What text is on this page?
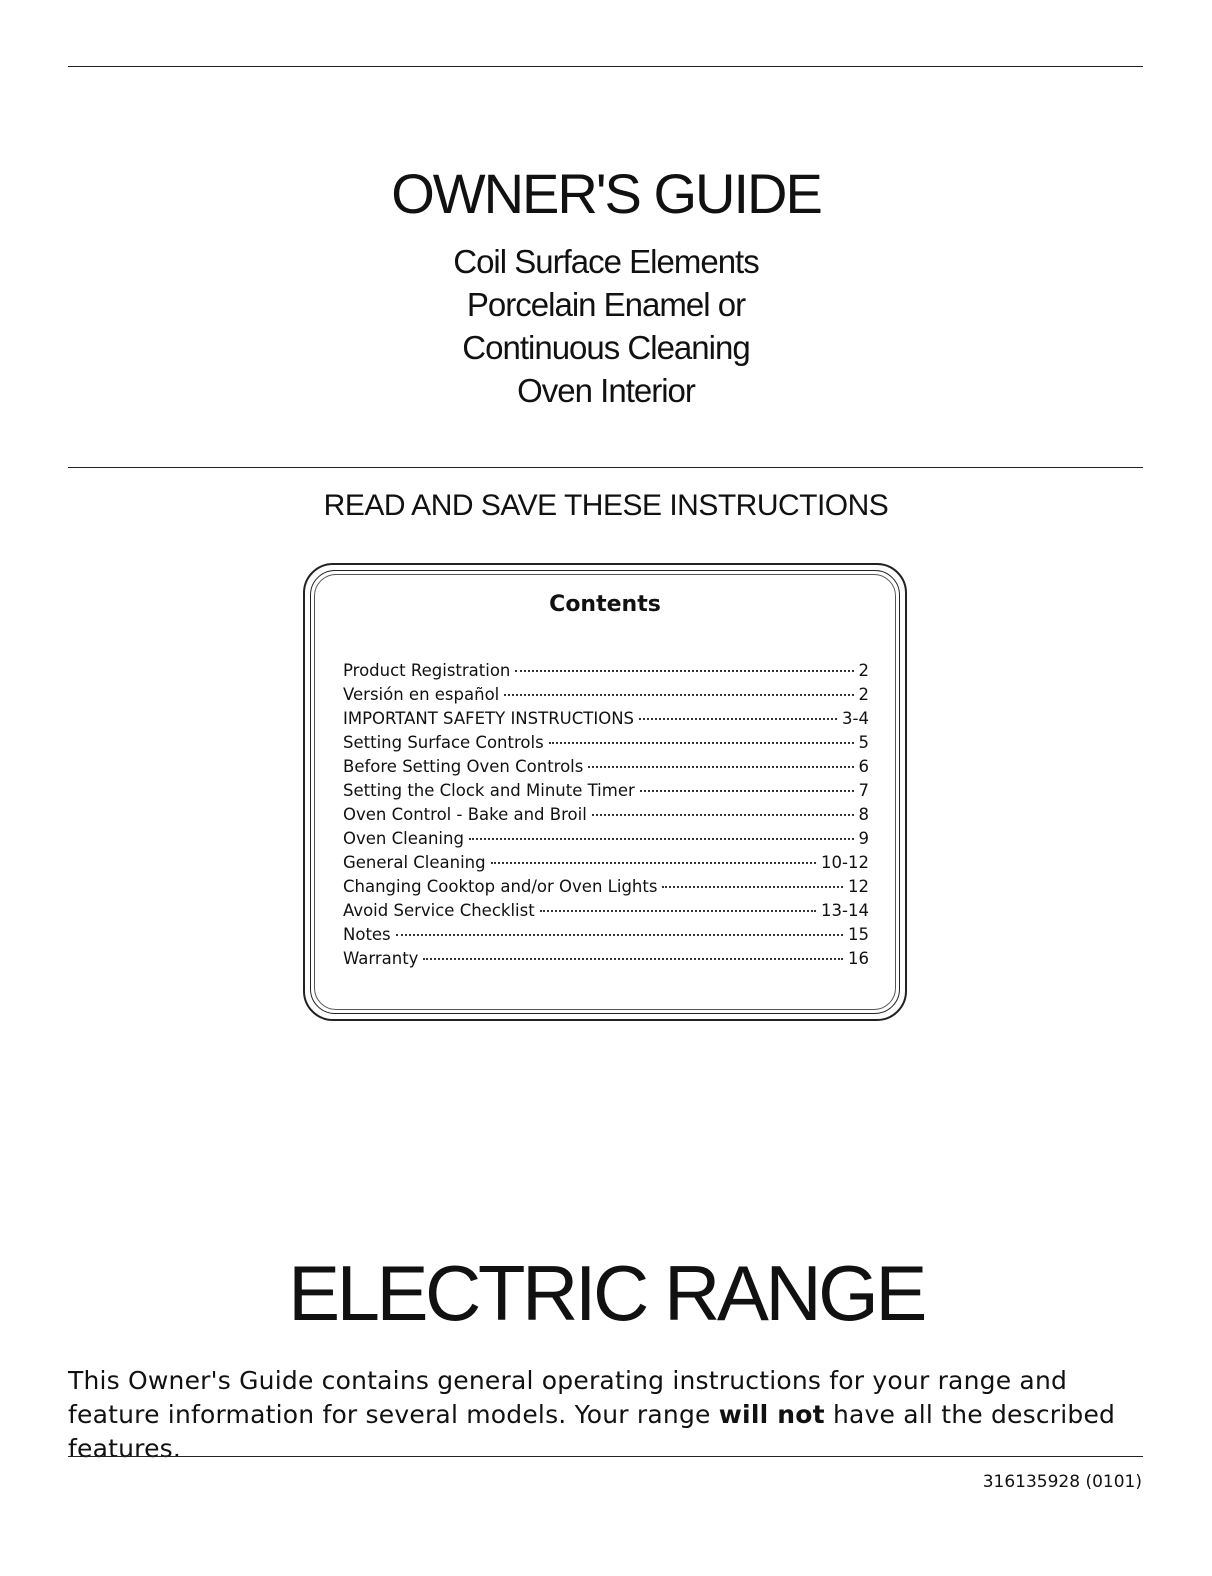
OWNER'S GUIDE
Coil Surface Elements
Porcelain Enamel or
Continuous Cleaning
Oven Interior
READ AND SAVE THESE INSTRUCTIONS
Contents
Product Registration	2
Versión en español	2
IMPORTANT SAFETY INSTRUCTIONS	3-4
Setting Surface Controls	5
Before Setting Oven Controls	6
Setting the Clock and Minute Timer	7
Oven Control - Bake and Broil	8
Oven Cleaning	9
General Cleaning	10-12
Changing Cooktop and/or Oven Lights	12
Avoid Service Checklist	13-14
Notes	15
Warranty	16
ELECTRIC RANGE
This Owner's Guide contains general operating instructions for your range and feature information for several models. Your range will not have all the described features.
316135928 (0101)
